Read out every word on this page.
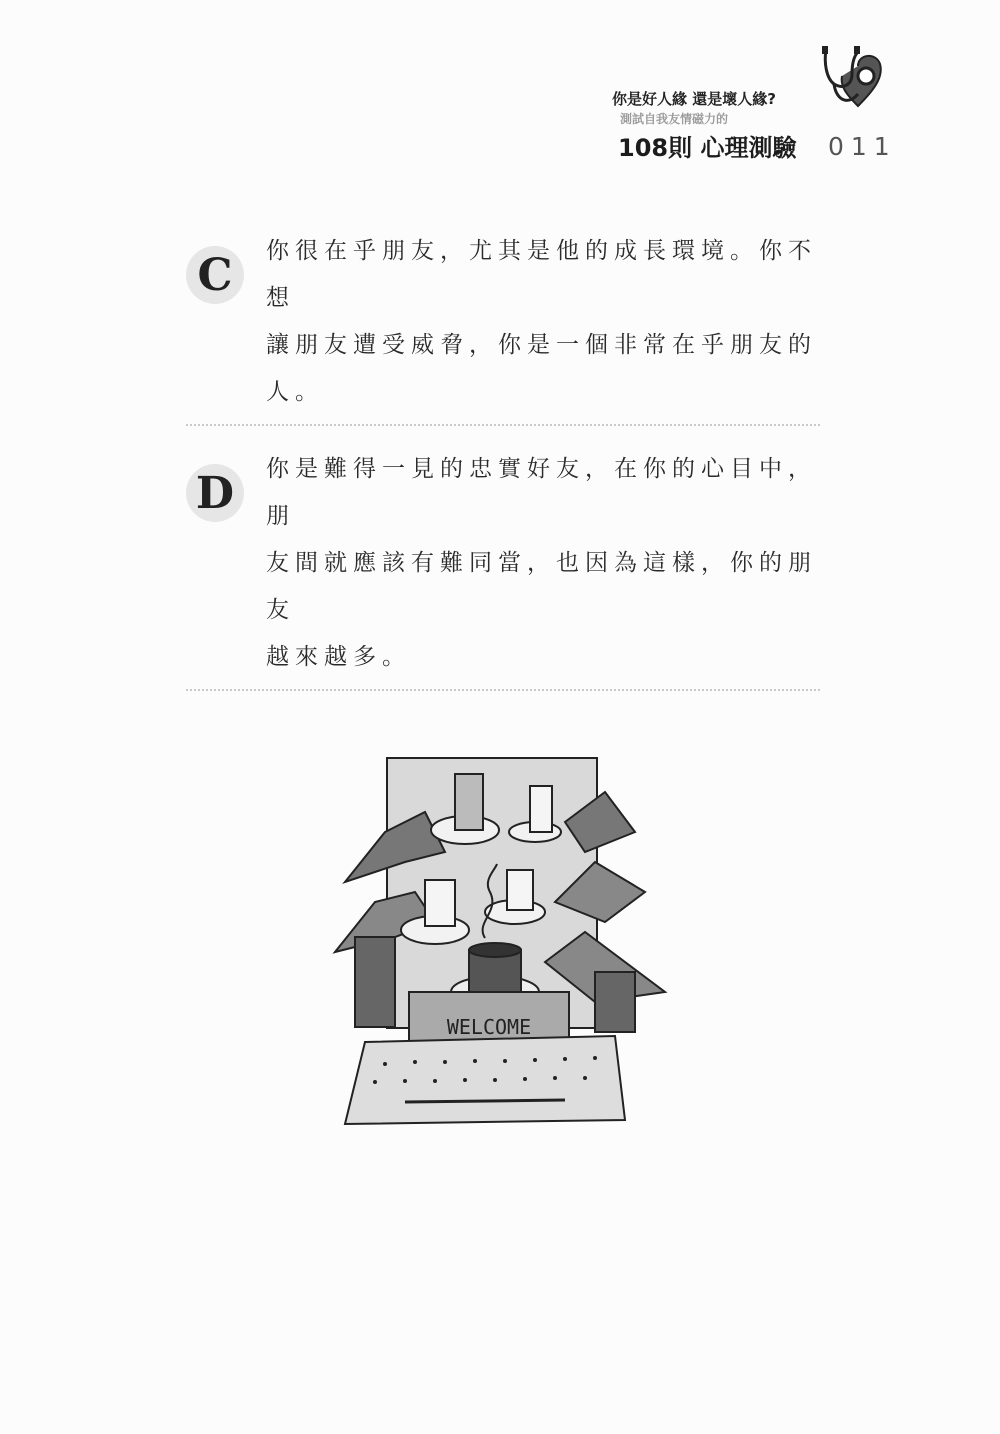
你是好人緣 還是壞人緣?
測試自我友情磁力的
108則 心理測驗 011
C	你很在乎朋友，尤其是他的成長環境。你不想
讓朋友遭受威脅，你是一個非常在乎朋友的人。

D	你是難得一見的忠實好友，在你的心目中，朋
友間就應該有難同當，也因為這樣，你的朋友
越來越多。

WELCOME
